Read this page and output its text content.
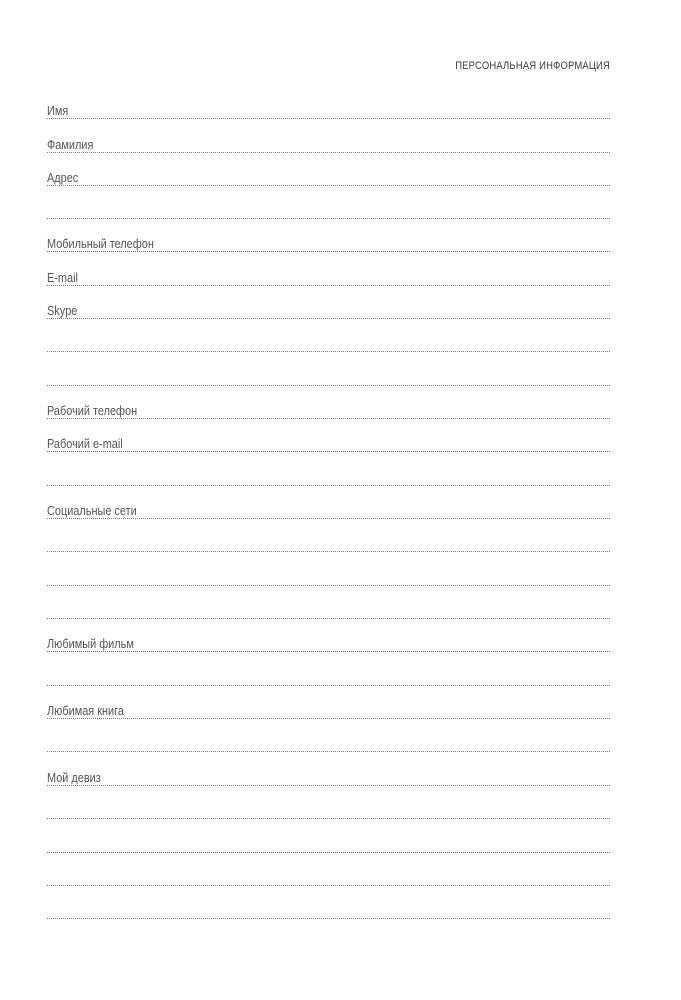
ПЕРСОНАЛЬНАЯ ИНФОРМАЦИЯ
Имя
Фамилия
Адрес
Мобильный телефон
E-mail
Skype
Рабочий телефон
Рабочий e-mail
Социальные сети
Любимый фильм
Любимая книга
Мой девиз
